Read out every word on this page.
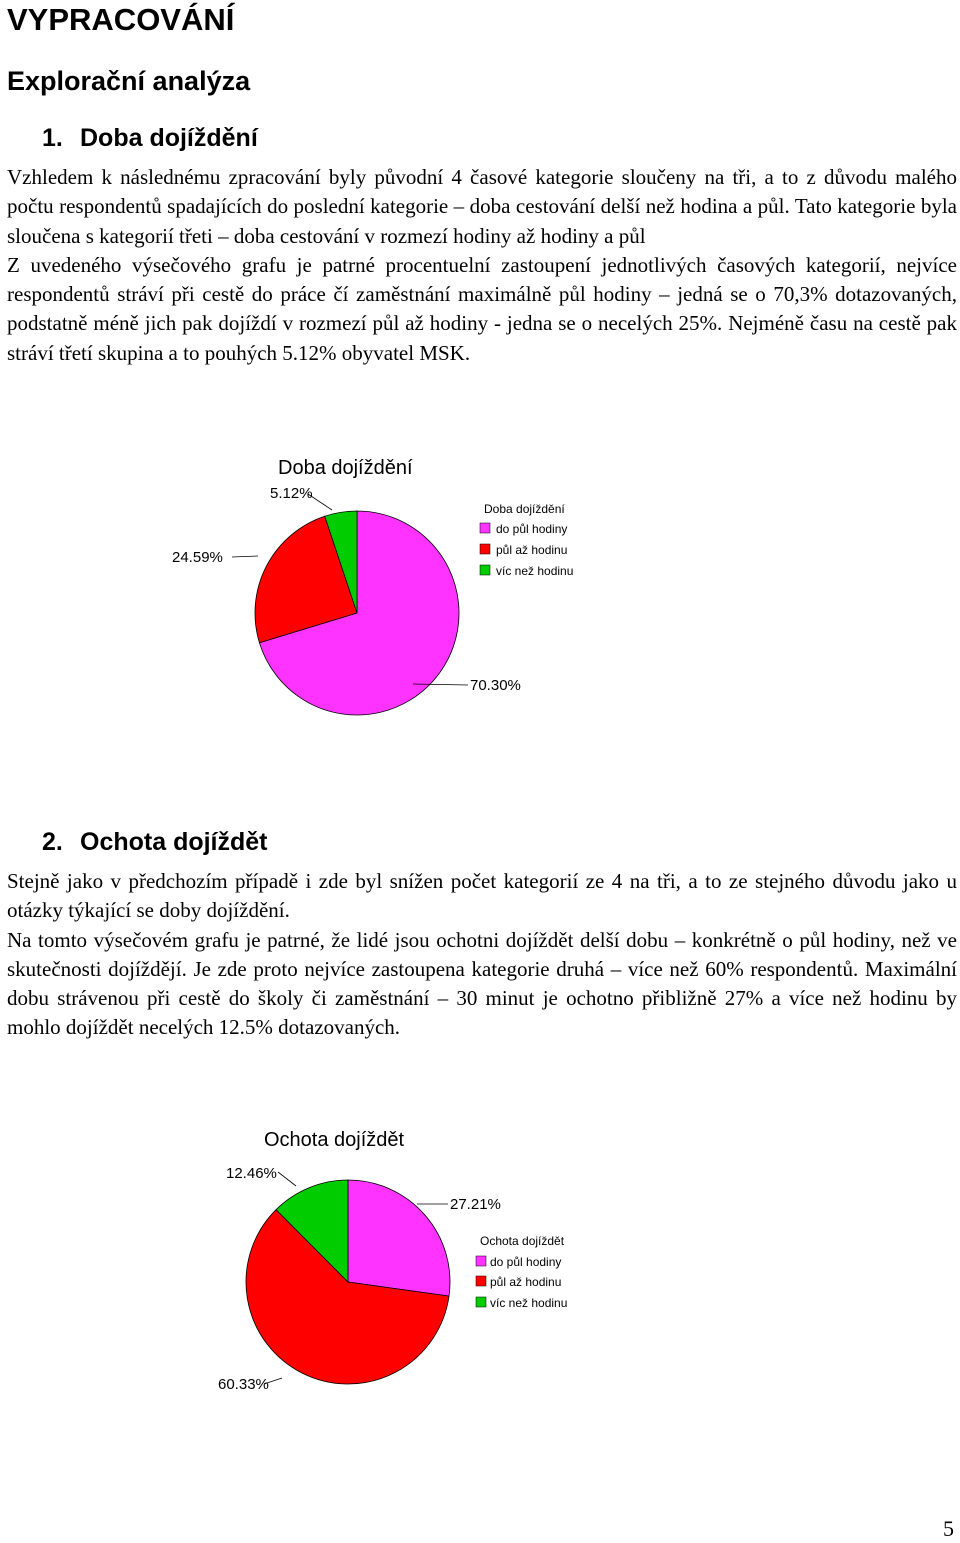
VYPRACOVÁNÍ
Explorační analýza
1. Doba dojíždění

Vzhledem k následnému zpracování byly původní 4 časové kategorie sloučeny na tři, a to z důvodu malého počtu respondentů spadajících do poslední kategorie – doba cestování delší než hodina a půl. Tato kategorie byla sloučena s kategorií třeti – doba cestování v rozmezí hodiny až hodiny a půl

Z uvedeného výsečového grafu je patrné procentuelní zastoupení jednotlivých časových kategorií, nejvíce respondentů stráví při cestě do práce čí zaměstnání maximálně půl hodiny – jedná se o 70,3% dotazovaných, podstatně méně jich pak dojíždí v rozmezí půl až hodiny - jedna se o necelých 25%. Nejméně času na cestě pak stráví třetí skupina a to pouhých 5.12% obyvatel MSK.

Doba dojíždění
70.30%
24.59%
5.12%
Doba dojíždění
do půl hodiny
půl až hodinu
víc než hodinu
2. Ochota dojíždět

Stejně jako v předchozím případě i zde byl snížen počet kategorií ze 4 na tři, a to ze stejného důvodu jako u otázky týkající se doby dojíždění.

Na tomto výsečovém grafu je patrné, že lidé jsou ochotni dojíždět delší dobu – konkrétně o půl hodiny, než ve skutečnosti dojíždějí. Je zde proto nejvíce zastoupena kategorie druhá – více než 60% respondentů. Maximální dobu strávenou při cestě do školy či zaměstnání – 30 minut je ochotno přibližně 27% a více než hodinu by mohlo dojíždět necelých 12.5% dotazovaných.

Ochota dojíždět
27.21%
60.33%
12.46%
Ochota dojíždět
do půl hodiny
půl až hodinu
víc než hodinu
5
